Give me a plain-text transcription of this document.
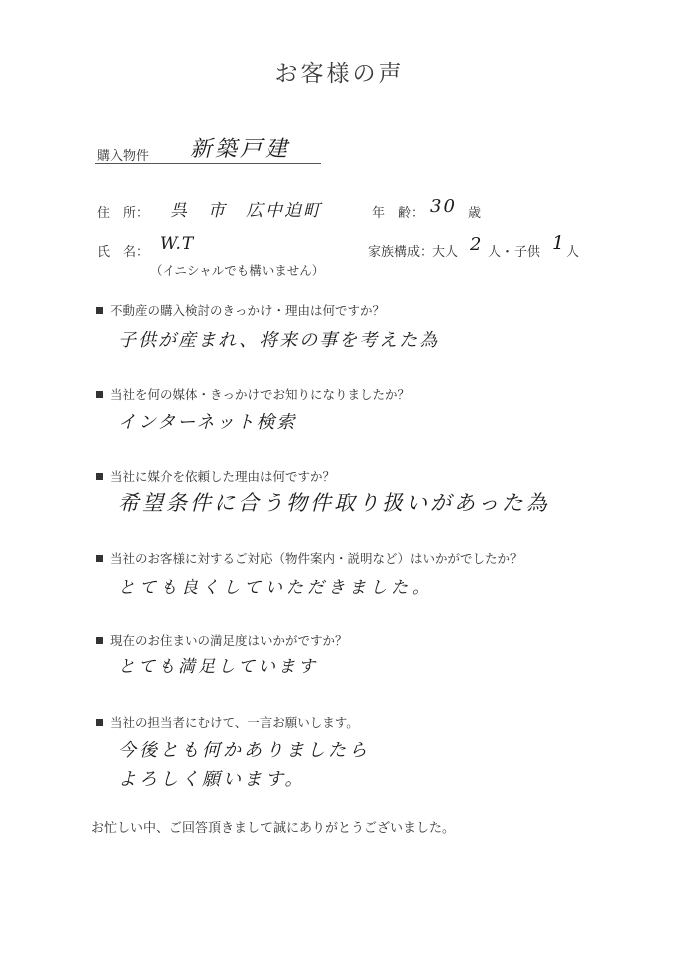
お客様の声
購入物件 新築戸建
住　所： 呉　市　広中迫町	年　齢： 30 歳
氏　名： W.T
（イニシャルでも構いません）
家族構成：
大人 2 人・子供 1 人
不動産の購入検討のきっかけ・理由は何ですか？
子供が産まれ、将来の事を考えた為
当社を何の媒体・きっかけでお知りになりましたか？
インターネット検索
当社に媒介を依頼した理由は何ですか？
希望条件に合う物件取り扱いがあった為
当社のお客様に対するご対応（物件案内・説明など）はいかがでしたか？
とても良くしていただきました。
現在のお住まいの満足度はいかがですか？
とても満足しています
当社の担当者にむけて、一言お願いします。
今後とも何かありましたら
よろしく願います。
お忙しい中、ご回答頂きまして誠にありがとうございました。
